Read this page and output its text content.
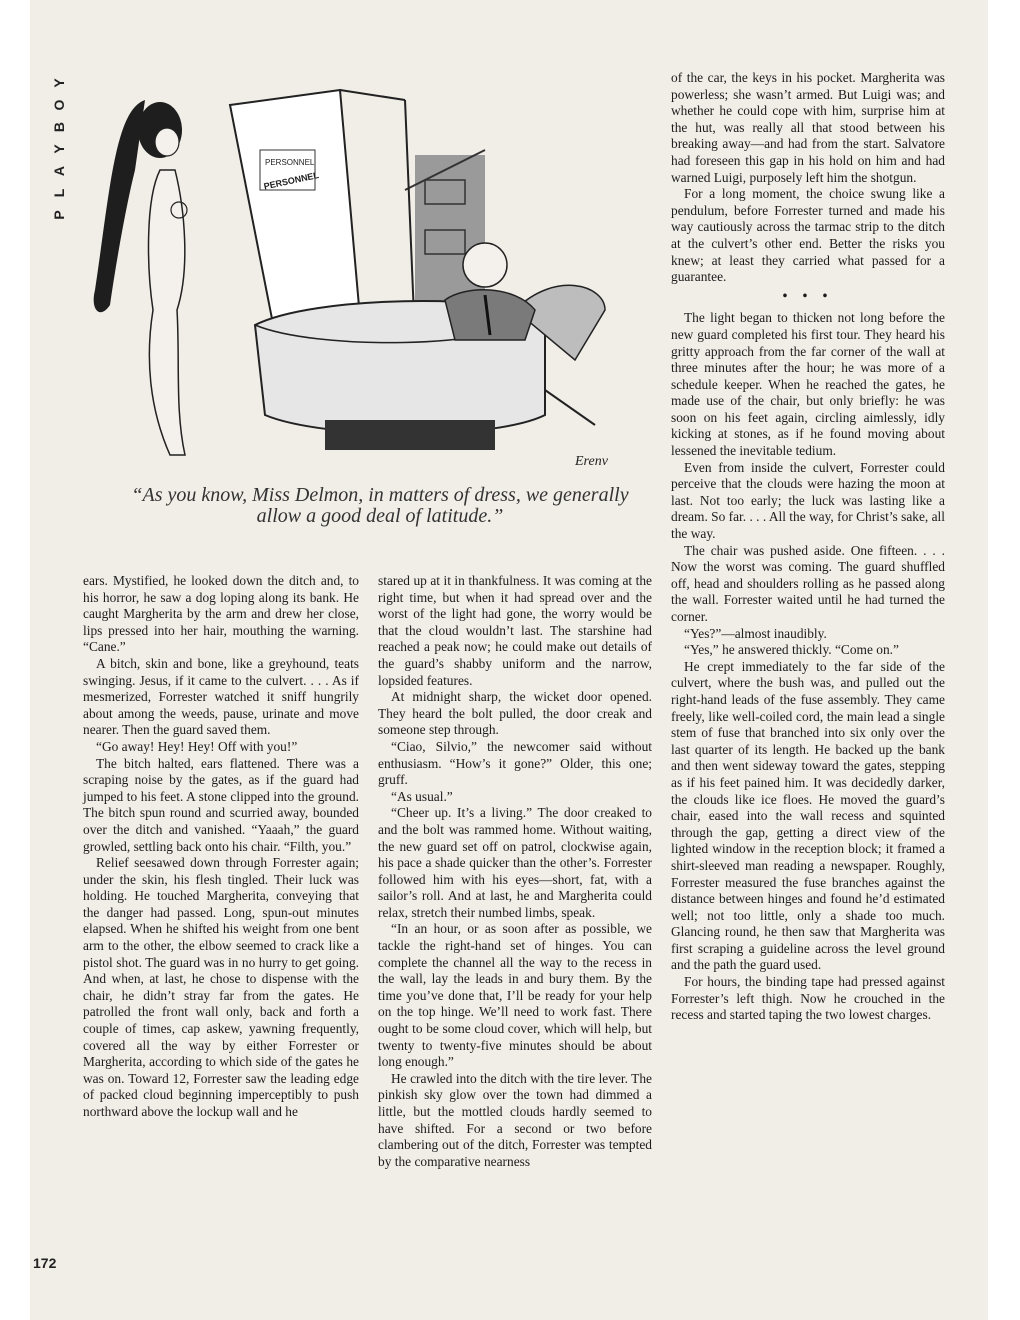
Y
O
B
Y
A
L
P
PERSONNEL
PERSONNEL
Erenv
“As you know, Miss Delmon, in matters of dress, we generally allow a good deal of latitude.”

ears. Mystified, he looked down the ditch and, to his horror, he saw a dog loping along its bank. He caught Margherita by the arm and drew her close, lips pressed into her hair, mouthing the warning. “Cane.”

A bitch, skin and bone, like a greyhound, teats swinging. Jesus, if it came to the culvert. . . . As if mesmerized, Forrester watched it sniff hungrily about among the weeds, pause, urinate and move nearer. Then the guard saved them.

“Go away! Hey! Hey! Off with you!”

The bitch halted, ears flattened. There was a scraping noise by the gates, as if the guard had jumped to his feet. A stone clipped into the ground. The bitch spun round and scurried away, bounded over the ditch and vanished. “Yaaah,” the guard growled, settling back onto his chair. “Filth, you.”

Relief seesawed down through Forrester again; under the skin, his flesh tingled. Their luck was holding. He touched Margherita, conveying that the danger had passed. Long, spun-out minutes elapsed. When he shifted his weight from one bent arm to the other, the elbow seemed to crack like a pistol shot. The guard was in no hurry to get going. And when, at last, he chose to dispense with the chair, he didn’t stray far from the gates. He patrolled the front wall only, back and forth a couple of times, cap askew, yawning frequently, covered all the way by either Forrester or Margherita, according to which side of the gates he was on. Toward 12, Forrester saw the leading edge of packed cloud beginning imperceptibly to push northward above the lockup wall and he

stared up at it in thankfulness. It was coming at the right time, but when it had spread over and the worst of the light had gone, the worry would be that the cloud wouldn’t last. The starshine had reached a peak now; he could make out details of the guard’s shabby uniform and the narrow, lopsided features.

At midnight sharp, the wicket door opened. They heard the bolt pulled, the door creak and someone step through.

“Ciao, Silvio,” the newcomer said without enthusiasm. “How’s it gone?” Older, this one; gruff.

“As usual.”

“Cheer up. It’s a living.” The door creaked to and the bolt was rammed home. Without waiting, the new guard set off on patrol, clockwise again, his pace a shade quicker than the other’s. Forrester followed him with his eyes—short, fat, with a sailor’s roll. And at last, he and Margherita could relax, stretch their numbed limbs, speak.

“In an hour, or as soon after as possible, we tackle the right-hand set of hinges. You can complete the channel all the way to the recess in the wall, lay the leads in and bury them. By the time you’ve done that, I’ll be ready for your help on the top hinge. We’ll need to work fast. There ought to be some cloud cover, which will help, but twenty to twenty-five minutes should be about long enough.”

He crawled into the ditch with the tire lever. The pinkish sky glow over the town had dimmed a little, but the mottled clouds hardly seemed to have shifted. For a second or two before clambering out of the ditch, Forrester was tempted by the comparative nearness

of the car, the keys in his pocket. Margherita was powerless; she wasn’t armed. But Luigi was; and whether he could cope with him, surprise him at the hut, was really all that stood between his breaking away—and had from the start. Salvatore had foreseen this gap in his hold on him and had warned Luigi, purposely left him the shotgun.

For a long moment, the choice swung like a pendulum, before Forrester turned and made his way cautiously across the tarmac strip to the ditch at the culvert’s other end. Better the risks you knew; at least they carried what passed for a guarantee.

• • •

The light began to thicken not long before the new guard completed his first tour. They heard his gritty approach from the far corner of the wall at three minutes after the hour; he was more of a schedule keeper. When he reached the gates, he made use of the chair, but only briefly: he was soon on his feet again, circling aimlessly, idly kicking at stones, as if he found moving about lessened the inevitable tedium.

Even from inside the culvert, Forrester could perceive that the clouds were hazing the moon at last. Not too early; the luck was lasting like a dream. So far. . . . All the way, for Christ’s sake, all the way.

The chair was pushed aside. One fifteen. . . . Now the worst was coming. The guard shuffled off, head and shoulders rolling as he passed along the wall. Forrester waited until he had turned the corner.

“Yes?”—almost inaudibly.

“Yes,” he answered thickly. “Come on.”

He crept immediately to the far side of the culvert, where the bush was, and pulled out the right-hand leads of the fuse assembly. They came freely, like well-coiled cord, the main lead a single stem of fuse that branched into six only over the last quarter of its length. He backed up the bank and then went sideway toward the gates, stepping as if his feet pained him. It was decidedly darker, the clouds like ice floes. He moved the guard’s chair, eased into the wall recess and squinted through the gap, getting a direct view of the lighted window in the reception block; it framed a shirt-sleeved man reading a newspaper. Roughly, Forrester measured the fuse branches against the distance between hinges and found he’d estimated well; not too little, only a shade too much. Glancing round, he then saw that Margherita was first scraping a guideline across the level ground and the path the guard used.

For hours, the binding tape had pressed against Forrester’s left thigh. Now he crouched in the recess and started taping the two lowest charges.

172
